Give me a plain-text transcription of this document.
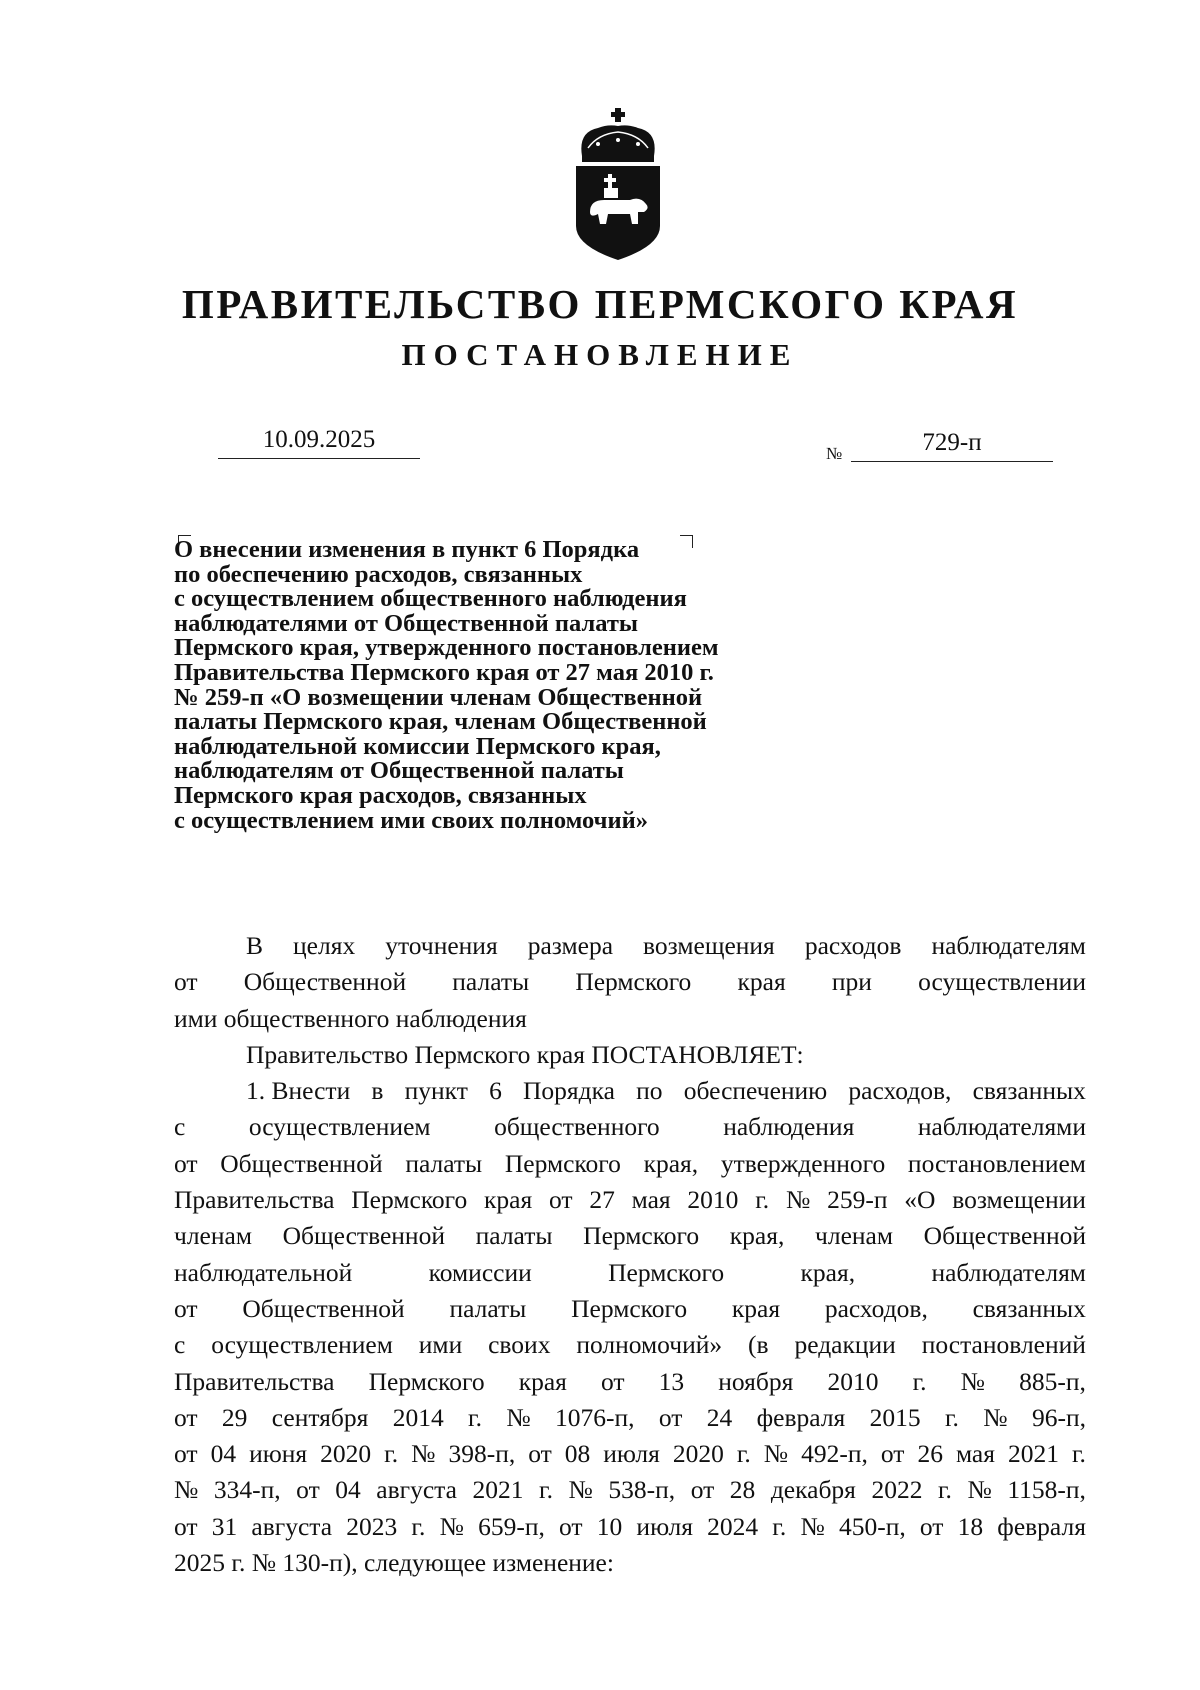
ПРАВИТЕЛЬСТВО ПЕРМСКОГО КРАЯ
ПОСТАНОВЛЕНИЕ
10.09.2025
№	729-п
О внесении изменения в пункт 6 Порядка
по обеспечению расходов, связанных
с осуществлением общественного наблюдения
наблюдателями от Общественной палаты
Пермского края, утвержденного постановлением
Правительства Пермского края от 27 мая 2010 г.
№ 259-п «О возмещении членам Общественной
палаты Пермского края, членам Общественной
наблюдательной комиссии Пермского края,
наблюдателям от Общественной палаты
Пермского края расходов, связанных
с осуществлением ими своих полномочий»
В целях уточнения размера возмещения расходов наблюдателям
от Общественной палаты Пермского края при осуществлении
ими общественного наблюдения
Правительство Пермского края ПОСТАНОВЛЯЕТ:
1. Внести в пункт 6 Порядка по обеспечению расходов, связанных
с осуществлением общественного наблюдения наблюдателями
от Общественной палаты Пермского края, утвержденного постановлением
Правительства Пермского края от 27 мая 2010 г. № 259-п «О возмещении
членам Общественной палаты Пермского края, членам Общественной
наблюдательной	комиссии	Пермского	края,	наблюдателям
от Общественной палаты Пермского края расходов, связанных
с осуществлением ими своих полномочий» (в редакции постановлений
Правительства Пермского края от 13 ноября 2010 г. № 885-п,
от 29 сентября 2014 г. № 1076-п, от 24 февраля 2015 г. № 96-п,
от 04 июня 2020 г. № 398-п, от 08 июля 2020 г. № 492-п, от 26 мая 2021 г.
№ 334-п, от 04 августа 2021 г. № 538-п, от 28 декабря 2022 г. № 1158-п,
от 31 августа 2023 г. № 659-п, от 10 июля 2024 г. № 450-п, от 18 февраля
2025 г. № 130-п), следующее изменение:
